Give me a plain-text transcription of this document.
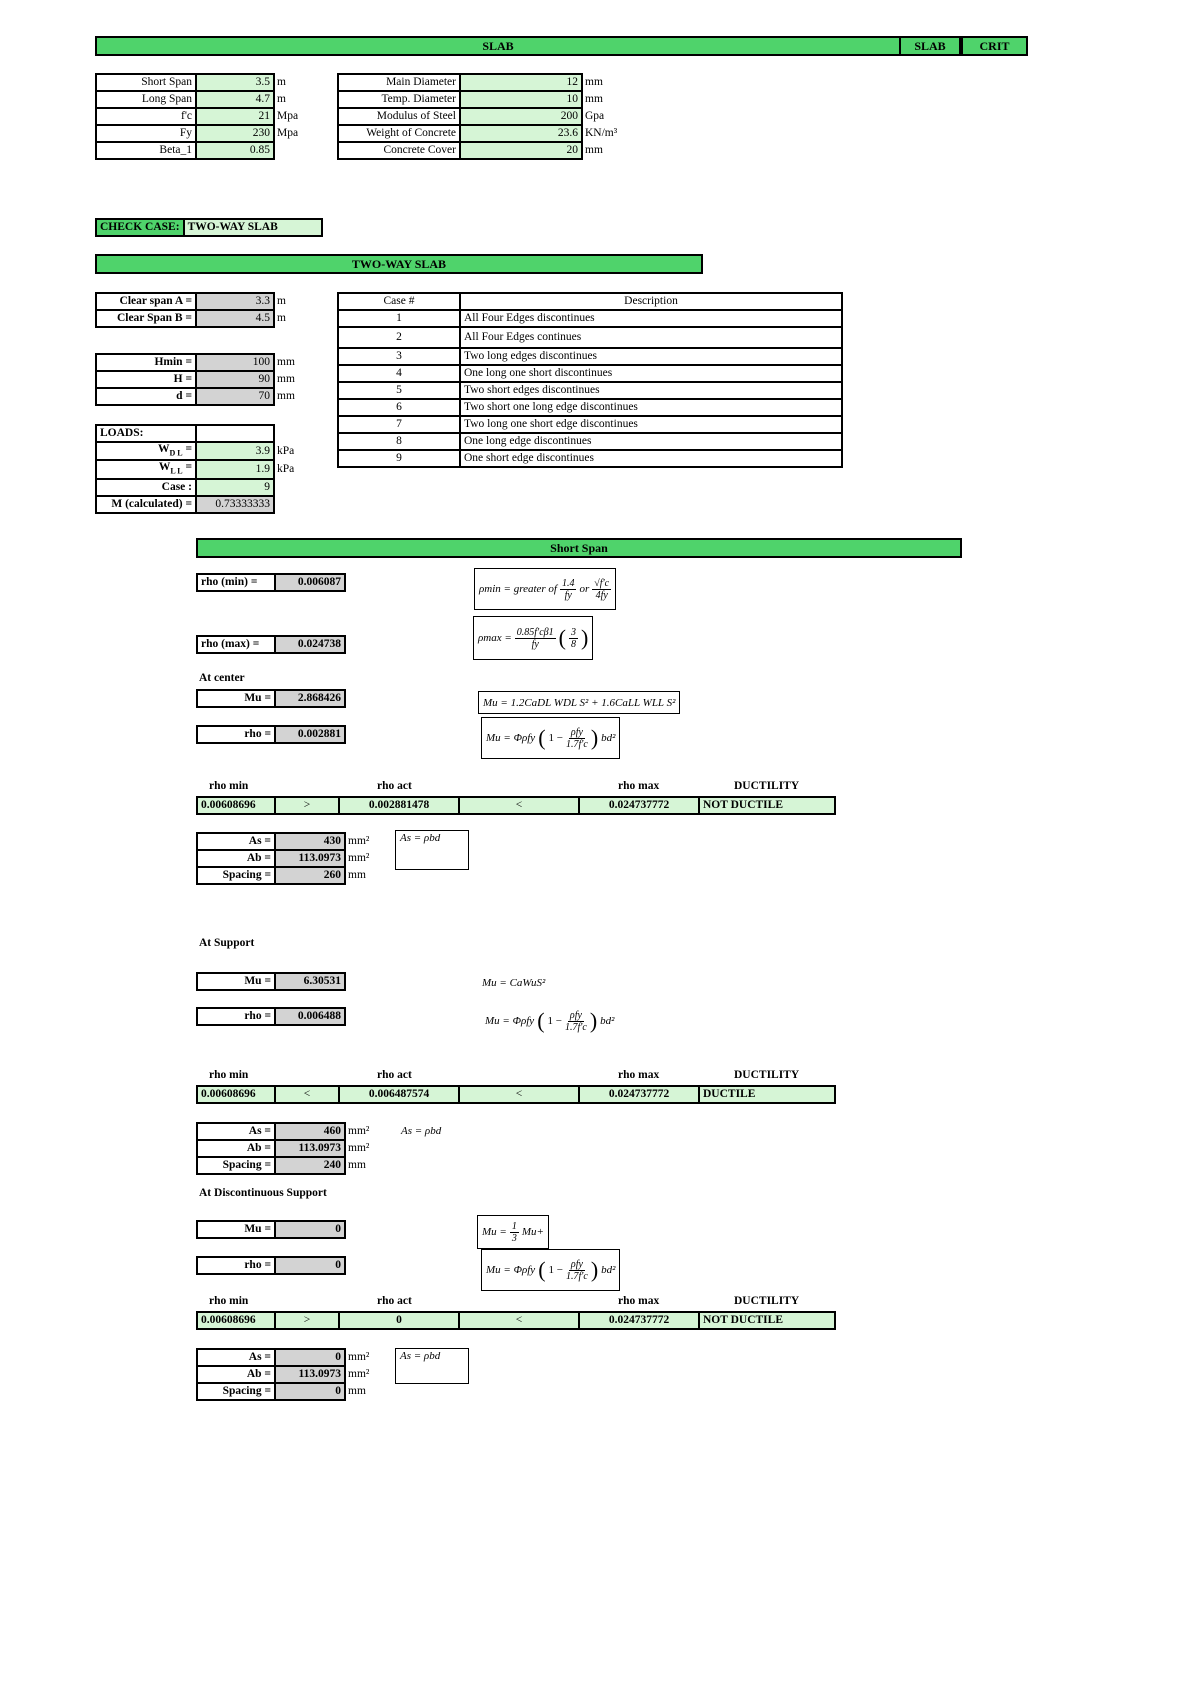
SLAB	SLAB	CRIT
Short Span	3.5	m
Long Span	4.7	m
f'c	21	Mpa
Fy	230	Mpa
Beta_1	0.85	
Main Diameter	12	mm
Temp. Diameter	10	mm
Modulus of Steel	200	Gpa
Weight of Concrete	23.6	KN/m³
Concrete Cover	20	mm
CHECK CASE:	TWO-WAY SLAB
TWO-WAY SLAB
Clear span A =	3.3	m
Clear Span B =	4.5	m
Hmin =	100	mm
H =	90	mm
d =	70	mm
LOADS:		
$W_{D L}$ =	3.9	kPa
$W_{L L}$ =	1.9	kPa
Case :	9	
M (calculated) =	0.73333333	
Case #	Description
1	All Four Edges discontinues
2	All Four Edges continues
3	Two long edges discontinues
4	One long one short discontinues
5	Two short edges discontinues
6	Two short one long edge discontinues
7	Two long one short edge discontinues
8	One long edge discontinues
9	One short edge discontinues
Short Span
rho (min) =	0.006087
rho (max) =	0.024738
ρmin = greater of $\frac{1.4}{fy}$ or $\frac{√f'c}{4fy}$
$\rho\max = \frac{0.85f'c\beta 1}{fy}$ ( $\frac{3}{8}$ )
At center
Mu =	2.868426
rho =	0.002881
Mu = 1.2CaDL WDL S² + 1.6CaLL WLL S²
Mu = Φρfy ( $1 - \frac{\text{ρfy}}{1.7f'c}$ ) bd²
rho min	rho act	rho max	DUCTILITY
0.00608696	>	0.002881478	<	0.024737772	NOT DUCTILE
As =	430	mm²
Ab =	113.0973	mm²
Spacing =	260	mm
As = ρbd
At Support
Mu =	6.30531
rho =	0.006488
Mu = CaWuS²
Mu = Φρfy ( $1 - \frac{\text{ρfy}}{1.7f'c}$ ) bd²
rho min	rho act	rho max	DUCTILITY
0.00608696	<	0.006487574	<	0.024737772	DUCTILE
As =	460	mm²
Ab =	113.0973	mm²
Spacing =	240	mm
As = ρbd
At Discontinuous Support
Mu =	0
rho =	0
$Mu = \frac{1}{3} Mu+$
Mu = Φρfy ( $1 - \frac{\text{ρfy}}{1.7f'c}$ ) bd²
rho min	rho act	rho max	DUCTILITY
0.00608696	>	0	<	0.024737772	NOT DUCTILE
As =	0	mm²
Ab =	113.0973	mm²
Spacing =	0	mm
As = ρbd
